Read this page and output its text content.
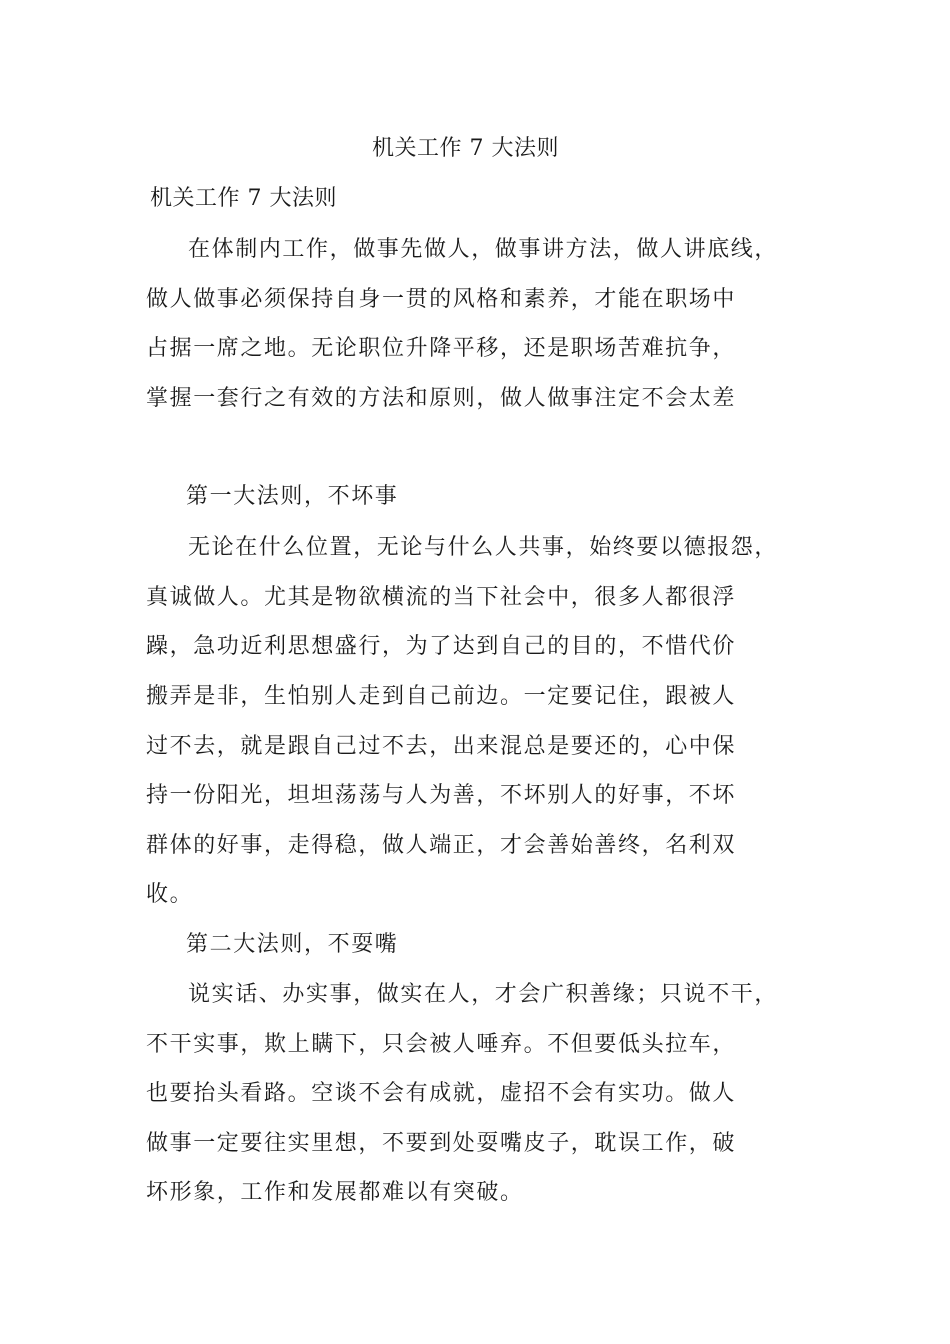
机关工作 7 大法则
机关工作 7 大法则
在体制内工作，做事先做人，做事讲方法，做人讲底线，
做人做事必须保持自身一贯的风格和素养，才能在职场中
占据一席之地。无论职位升降平移，还是职场苦难抗争，
掌握一套行之有效的方法和原则，做人做事注定不会太差
第一大法则，不坏事
无论在什么位置，无论与什么人共事，始终要以德报怨，
真诚做人。尤其是物欲横流的当下社会中，很多人都很浮
躁，急功近利思想盛行，为了达到自己的目的，不惜代价
搬弄是非，生怕别人走到自己前边。一定要记住，跟被人
过不去，就是跟自己过不去，出来混总是要还的，心中保
持一份阳光，坦坦荡荡与人为善，不坏别人的好事，不坏
群体的好事，走得稳，做人端正，才会善始善终，名利双
收。
第二大法则，不耍嘴
说实话、办实事，做实在人，才会广积善缘；只说不干，
不干实事，欺上瞒下，只会被人唾弃。不但要低头拉车，
也要抬头看路。空谈不会有成就，虚招不会有实功。做人
做事一定要往实里想，不要到处耍嘴皮子，耽误工作，破
坏形象，工作和发展都难以有突破。
